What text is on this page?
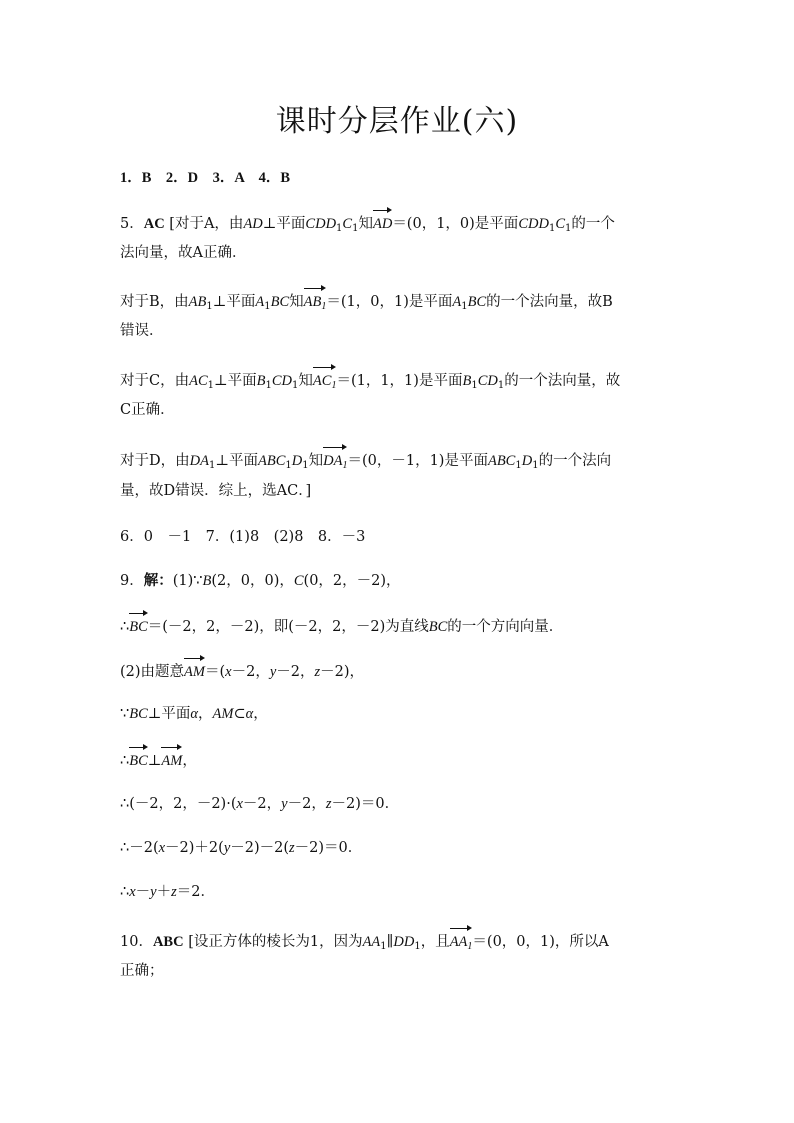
课时分层作业(六)
1．B　2．D　3．A　4．B
5．AC [对于A，由AD⊥平面$CDD_1C_1$知AD＝(0，1，0)是平面$CDD_1C_1$的一个
法向量，故A正确．
对于B，由$AB_1\perp$平面$A_1BC$知$AB_1=(1$，0，1)是平面$A_1BC$的一个法向量，故B
错误．
对于C，由$AC_1\perp$平面$B_1CD_1$知$AC_1=(1$，1，1)是平面$B_1CD_1$的一个法向量，故
C正确．
对于D，由$DA_1\perp$平面$ABC_1D_1$知$DA_1=(0$，－1，1)是平面$ABC_1D_1$的一个法向
量，故D错误．综上，选AC．]
6．0　－1　7．(1)8　(2)8　8．－3
9．解：(1)∵B(2，0，0)，C(0，2，－2)，
∴BC＝(－2，2，－2)，即(－2，2，－2)为直线BC的一个方向向量．
(2)由题意AM＝(x－2，y－2，z－2)，
∵BC⊥平面α，AM⊂α，
∴BC⊥AM，
∴(－2，2，－2)·(x－2，y－2，z－2)＝0．
∴－2(x－2)＋2(y－2)－2(z－2)＝0．
∴x－y＋z＝2．
10．ABC [设正方体的棱长为1，因为$AA_1\parallel DD_1$，且$AA_1=(0$，0，1)，所以A
正确；
